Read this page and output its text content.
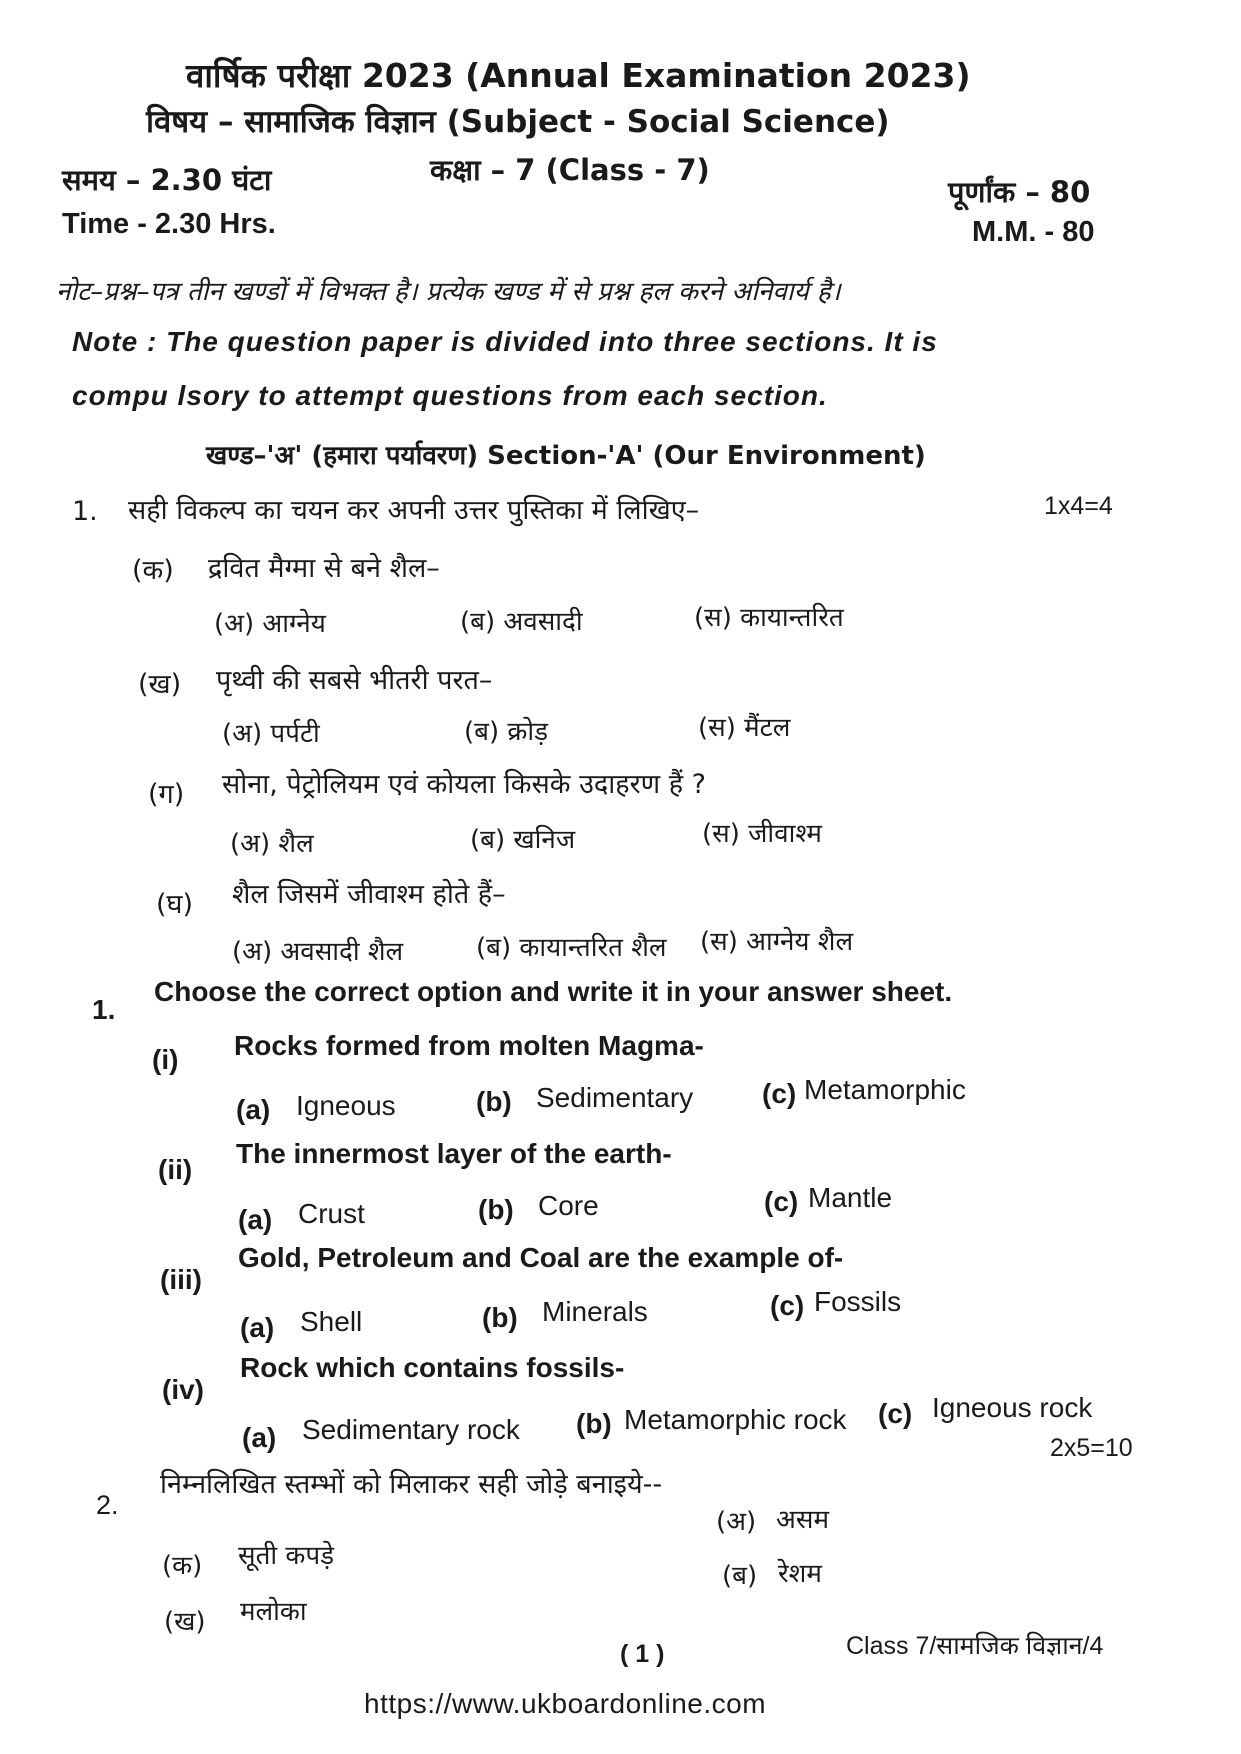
वार्षिक परीक्षा 2023 (Annual Examination 2023)
विषय – सामाजिक विज्ञान (Subject - Social Science)
समय – 2.30 घंटा	कक्षा – 7 (Class - 7)
पूर्णांक – 80
Time - 2.30 Hrs.	M.M. - 80
नोट–प्रश्न–पत्र तीन खण्डों में विभक्त है। प्रत्येक खण्ड में से प्रश्न हल करने अनिवार्य है।
Note : The question paper is divided into three sections. It is
compu lsory to attempt questions from each section.
खण्ड–'अ' (हमारा पर्यावरण) Section-'A' (Our Environment)
1. सही विकल्प का चयन कर अपनी उत्तर पुस्तिका में लिखिए–	1x4=4
(क) द्रवित मैग्मा से बने शैल–
(अ) आग्नेय	(ब) अवसादी	(स) कायान्तरित
(ख) पृथ्वी की सबसे भीतरी परत–
(अ) पर्पटी	(ब) क्रोड़	(स) मैंटल
(ग) सोना, पेट्रोलियम एवं कोयला किसके उदाहरण हैं ?
(अ) शैल	(ब) खनिज	(स) जीवाश्म
(घ) शैल जिसमें जीवाश्म होते हैं–
(अ) अवसादी शैल	(ब) कायान्तरित शैल (स) आग्नेय शैल
1.
Choose the correct option and write it in your answer sheet.
(i) Rocks formed from molten Magma-
(a) Igneous	(b) Sedimentary (c) Metamorphic
(ii)
The innermost layer of the earth-
(a) Crust	(b) Core	(c) Mantle
(iii)
Gold, Petroleum and Coal are the example of-
(a) Shell	(b) Minerals	(c) Fossils
(iv)
Rock which contains fossils-
(a) Sedimentary rock (b) Metamorphic rock (c) Igneous rock
2x5=10
2.
निम्नलिखित स्तम्भों को मिलाकर सही जोड़े बनाइये--
(अ) असम
(क) सूती कपड़े
(ब) रेशम
(ख) मलोका
( 1 )	Class 7/सामजिक विज्ञान/4
https://www.ukboardonline.com
